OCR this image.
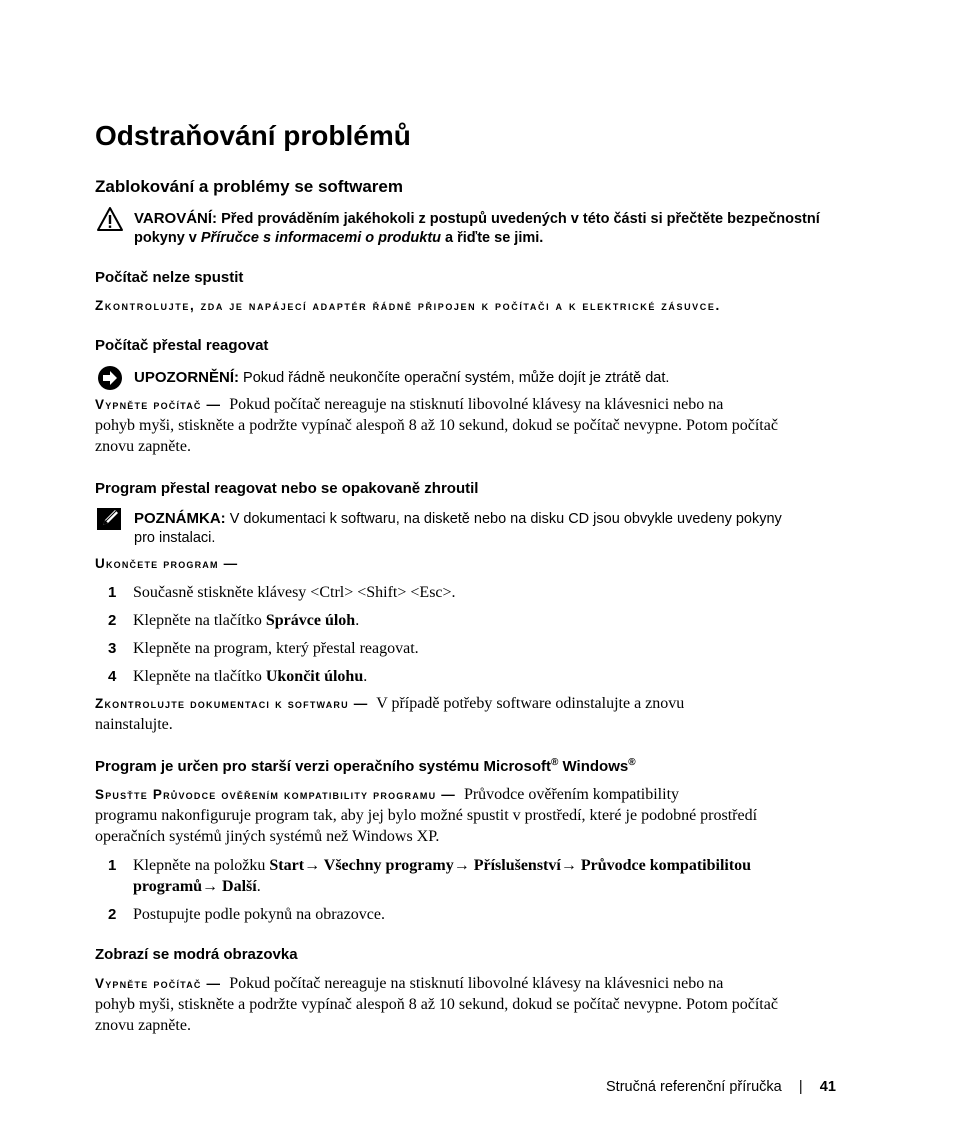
Odstraňování problémů
Zablokování a problémy se softwarem
VAROVÁNÍ: Před prováděním jakéhokoli z postupů uvedených v této části si přečtěte bezpečnostní
pokyny v Příručce s informacemi o produktu a řiďte se jimi.
Počítač nelze spustit
Zkontrolujte, zda je napájecí adaptér řádně připojen k počítači a k elektrické zásuvce.
Počítač přestal reagovat
UPOZORNĚNÍ: Pokud řádně neukončíte operační systém, může dojít je ztrátě dat.
Vypněte počítač — Pokud počítač nereaguje na stisknutí libovolné klávesy na klávesnici nebo na
pohyb myši, stiskněte a podržte vypínač alespoň 8 až 10 sekund, dokud se počítač nevypne. Potom počítač
znovu zapněte.
Program přestal reagovat nebo se opakovaně zhroutil
POZNÁMKA: V dokumentaci k softwaru, na disketě nebo na disku CD jsou obvykle uvedeny pokyny
pro instalaci.
Ukončete program —
1 Současně stiskněte klávesy <Ctrl> <Shift> <Esc>.
2 Klepněte na tlačítko Správce úloh.
3 Klepněte na program, který přestal reagovat.
4 Klepněte na tlačítko Ukončit úlohu.
Zkontrolujte dokumentaci k softwaru — V případě potřeby software odinstalujte a znovu
nainstalujte.
Program je určen pro starší verzi operačního systému Microsoft® Windows®
Spusťte Průvodce ověřením kompatibility programu — Průvodce ověřením kompatibility
programu nakonfiguruje program tak, aby jej bylo možné spustit v prostředí, které je podobné prostředí
operačních systémů jiných systémů než Windows XP.
1 Klepněte na položku Start→ Všechny programy→ Příslušenství→ Průvodce kompatibilitou
programů→ Další.
2 Postupujte podle pokynů na obrazovce.
Zobrazí se modrá obrazovka
Vypněte počítač — Pokud počítač nereaguje na stisknutí libovolné klávesy na klávesnici nebo na
pohyb myši, stiskněte a podržte vypínač alespoň 8 až 10 sekund, dokud se počítač nevypne. Potom počítač
znovu zapněte.
Stručná referenční příručka | 41
